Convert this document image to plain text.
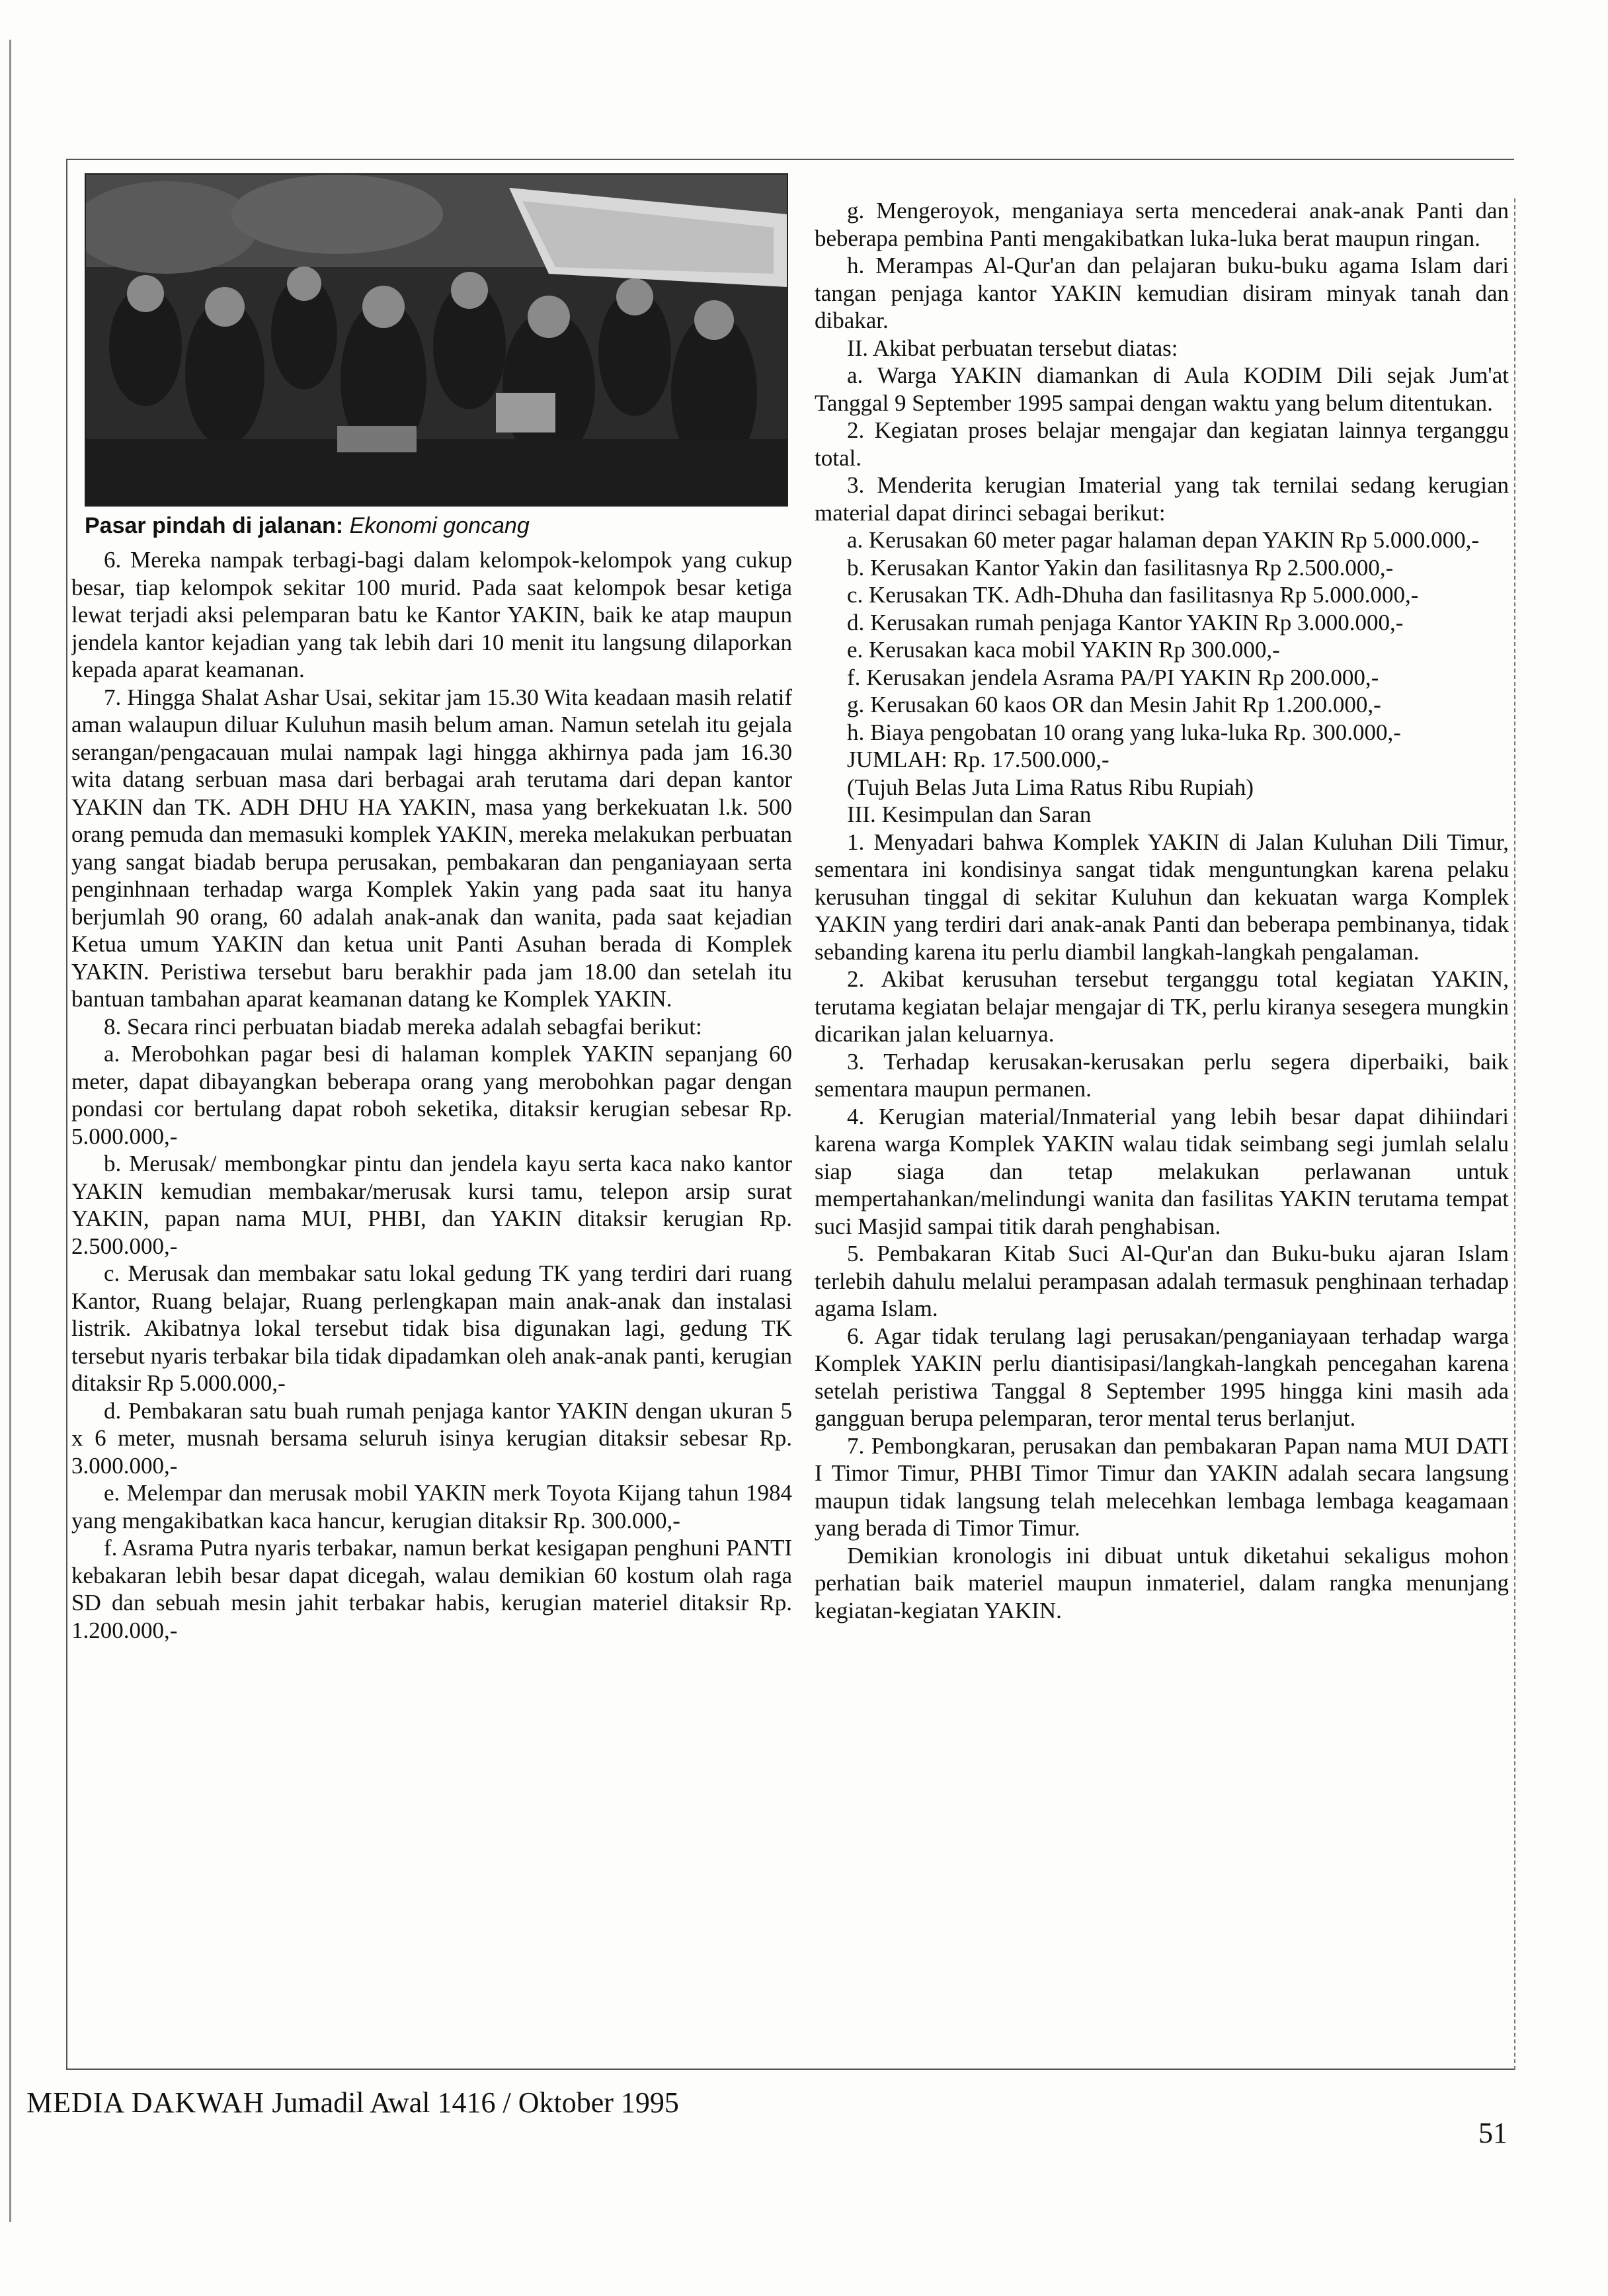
Pasar pindah di jalanan: Ekonomi goncang

6. Mereka nampak terbagi-bagi dalam kelompok-kelompok yang cukup besar, tiap kelompok sekitar 100 murid. Pada saat kelompok besar ketiga lewat terjadi aksi pelemparan batu ke Kantor YAKIN, baik ke atap maupun jendela kantor kejadian yang tak lebih dari 10 menit itu langsung dilaporkan kepada aparat keamanan.

7. Hingga Shalat Ashar Usai, sekitar jam 15.30 Wita keadaan masih relatif aman walaupun diluar Kuluhun masih belum aman. Namun setelah itu gejala serangan/pengacauan mulai nampak lagi hingga akhirnya pada jam 16.30 wita datang serbuan masa dari berbagai arah terutama dari depan kantor YAKIN dan TK. ADH DHU HA YAKIN, masa yang berkekuatan l.k. 500 orang pemuda dan memasuki komplek YAKIN, mereka melakukan perbuatan yang sangat biadab berupa perusakan, pembakaran dan penganiayaan serta penginhnaan terhadap warga Komplek Yakin yang pada saat itu hanya berjumlah 90 orang, 60 adalah anak-anak dan wanita, pada saat kejadian Ketua umum YAKIN dan ketua unit Panti Asuhan berada di Komplek YAKIN. Peristiwa tersebut baru berakhir pada jam 18.00 dan setelah itu bantuan tambahan aparat keamanan datang ke Komplek YAKIN.

8. Secara rinci perbuatan biadab mereka adalah sebagfai berikut:

a. Merobohkan pagar besi di halaman komplek YAKIN sepanjang 60 meter, dapat dibayangkan beberapa orang yang merobohkan pagar dengan pondasi cor bertulang dapat roboh seketika, ditaksir kerugian sebesar Rp. 5.000.000,-

b. Merusak/ membongkar pintu dan jendela kayu serta kaca nako kantor YAKIN kemudian membakar/merusak kursi tamu, telepon arsip surat YAKIN, papan nama MUI, PHBI, dan YAKIN ditaksir kerugian Rp. 2.500.000,-

c. Merusak dan membakar satu lokal gedung TK yang terdiri dari ruang Kantor, Ruang belajar, Ruang perlengkapan main anak-anak dan instalasi listrik. Akibatnya lokal tersebut tidak bisa digunakan lagi, gedung TK tersebut nyaris terbakar bila tidak dipadamkan oleh anak-anak panti, kerugian ditaksir Rp 5.000.000,-

d. Pembakaran satu buah rumah penjaga kantor YAKIN dengan ukuran 5 x 6 meter, musnah bersama seluruh isinya kerugian ditaksir sebesar Rp. 3.000.000,-

e. Melempar dan merusak mobil YAKIN merk Toyota Kijang tahun 1984 yang mengakibatkan kaca hancur, kerugian ditaksir Rp. 300.000,-

f. Asrama Putra nyaris terbakar, namun berkat kesigapan penghuni PANTI kebakaran lebih besar dapat dicegah, walau demikian 60 kostum olah raga SD dan sebuah mesin jahit terbakar habis, kerugian materiel ditaksir Rp. 1.200.000,-

g. Mengeroyok, menganiaya serta mencederai anak-anak Panti dan beberapa pembina Panti mengakibatkan luka-luka berat maupun ringan.

h. Merampas Al-Qur'an dan pelajaran buku-buku agama Islam dari tangan penjaga kantor YAKIN kemudian disiram minyak tanah dan dibakar.

II. Akibat perbuatan tersebut diatas:

a. Warga YAKIN diamankan di Aula KODIM Dili sejak Jum'at Tanggal 9 September 1995 sampai dengan waktu yang belum ditentukan.

2. Kegiatan proses belajar mengajar dan kegiatan lainnya terganggu total.

3. Menderita kerugian Imaterial yang tak ternilai sedang kerugian material dapat dirinci sebagai berikut:

a. Kerusakan 60 meter pagar halaman depan YAKIN Rp 5.000.000,-

b. Kerusakan Kantor Yakin dan fasilitasnya Rp 2.500.000,-

c. Kerusakan TK. Adh-Dhuha dan fasilitasnya Rp 5.000.000,-

d. Kerusakan rumah penjaga Kantor YAKIN Rp 3.000.000,-

e. Kerusakan kaca mobil YAKIN Rp 300.000,-

f. Kerusakan jendela Asrama PA/PI YAKIN Rp 200.000,-

g. Kerusakan 60 kaos OR dan Mesin Jahit Rp 1.200.000,-

h. Biaya pengobatan 10 orang yang luka-luka Rp. 300.000,-

JUMLAH: Rp. 17.500.000,-

(Tujuh Belas Juta Lima Ratus Ribu Rupiah)

III. Kesimpulan dan Saran

1. Menyadari bahwa Komplek YAKIN di Jalan Kuluhan Dili Timur, sementara ini kondisinya sangat tidak menguntungkan karena pelaku kerusuhan tinggal di sekitar Kuluhun dan kekuatan warga Komplek YAKIN yang terdiri dari anak-anak Panti dan beberapa pembinanya, tidak sebanding karena itu perlu diambil langkah-langkah pengalaman.

2. Akibat kerusuhan tersebut terganggu total kegiatan YAKIN, terutama kegiatan belajar mengajar di TK, perlu kiranya sesegera mungkin dicarikan jalan keluarnya.

3. Terhadap kerusakan-kerusakan perlu segera diperbaiki, baik sementara maupun permanen.

4. Kerugian material/Inmaterial yang lebih besar dapat dihiindari karena warga Komplek YAKIN walau tidak seimbang segi jumlah selalu siap siaga dan tetap melakukan perlawanan untuk mempertahankan/melindungi wanita dan fasilitas YAKIN terutama tempat suci Masjid sampai titik darah penghabisan.

5. Pembakaran Kitab Suci Al-Qur'an dan Buku-buku ajaran Islam terlebih dahulu melalui perampasan adalah termasuk penghinaan terhadap agama Islam.

6. Agar tidak terulang lagi perusakan/penganiayaan terhadap warga Komplek YAKIN perlu diantisipasi/langkah-langkah pencegahan karena setelah peristiwa Tanggal 8 September 1995 hingga kini masih ada gangguan berupa pelemparan, teror mental terus berlanjut.

7. Pembongkaran, perusakan dan pembakaran Papan nama MUI DATI I Timor Timur, PHBI Timor Timur dan YAKIN adalah secara langsung maupun tidak langsung telah melecehkan lembaga lembaga keagamaan yang berada di Timor Timur.

Demikian kronologis ini dibuat untuk diketahui sekaligus mohon perhatian baik materiel maupun inmateriel, dalam rangka menunjang kegiatan-kegiatan YAKIN.

MEDIA DAKWAH Jumadil Awal 1416 / Oktober 1995
51
